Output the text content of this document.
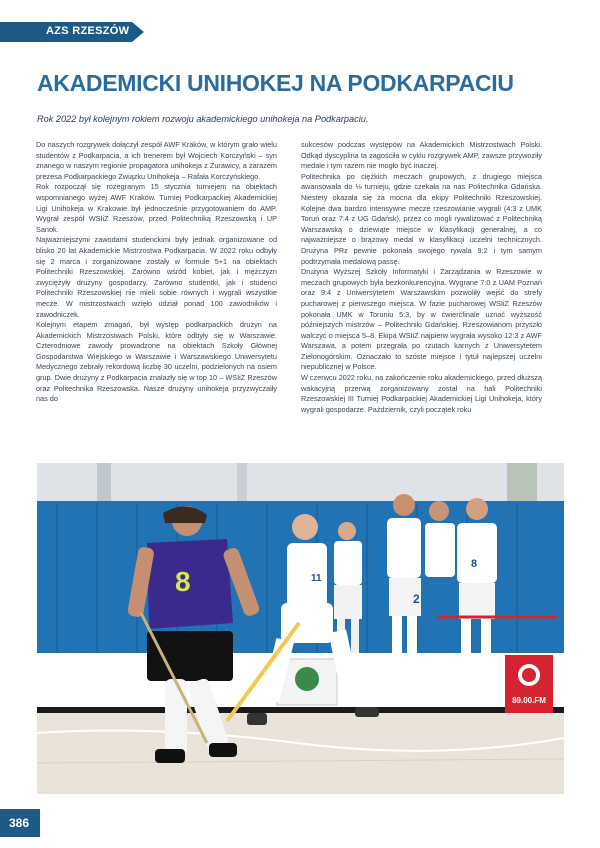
AZS RZESZÓW
AKADEMICKI UNIHOKEJ NA PODKARPACIU

Rok 2022 był kolejnym rokiem rozwoju akademickiego unihokeja na Podkarpaciu.

Do naszych rozgrywek dołączył zespół AWF Kraków, w którym grało wielu studentów z Podkarpacia, a ich trenerem był Wojciech Korczyński – syn znanego w naszym regionie propagatora unihokeja z Żurawicy, a zarazem prezesa Podkarpackiego Związku Unihokeja – Rafała Korczyńskiego.

Rok rozpoczął się rozegranym 15 stycznia turniejem na obiektach wspomnianego wyżej AWF Kraków. Turniej Podkarpackiej Akademickiej Ligi Unihokeja w Krakowie był jednocześnie przygotowaniem do AMP. Wygrał zespół WSIiZ Rzeszów, przed Politechniką Rzeszowską i UP Sanok.

Najważniejszymi zawodami studenckimi były jednak organizowane od blisko 20 lat Akademickie Mistrzostwa Podkarpacia. W 2022 roku odbyły się 2 marca i zorganizowane zostały w formule 5+1 na obiektach Politechniki Rzeszowskiej. Zarówno wśród kobiet, jak i mężczyzn zwyciężyły drużyny gospodarzy. Zarówno studentki, jak i studenci Politechniki Rzeszowskiej nie mieli sobie równych i wygrali wszystkie mecze. W mistrzostwach wzięło udział ponad 100 zawodników i zawodniczek.

Kolejnym etapem zmagań, był występ podkarpackich drużyn na Akademickich Mistrzostwach Polski, które odbyły się w Warszawie. Czterodniowe zawody prowadzone na obiektach Szkoły Głównej Gospodarstwa Wiejskiego w Warszawie i Warszawskiego Uniwersytetu Medycznego zebrały rekordową liczbę 30 uczelni, podzielonych na osiem grup. Dwie drużyny z Podkarpacia znalazły się w top 10 – WSIiZ Rzeszów oraz Politechnika Rzeszowska. Nasze drużyny unihokeja przyzwyczaiły nas do

sukcesów podczas występów na Akademickich Mistrzostwach Polski. Odkąd dyscyplina ta zagościła w cyklu rozgrywek AMP, zawsze przywoziły medale i tym razem nie mogło być inaczej.

Politechnika po ciężkich meczach grupowych, z drugiego miejsca awansowała do ⅛ turnieju, gdzie czekała na nas Politechnika Gdańska. Niestety okazała się za mocna dla ekipy Politechniki Rzeszowskiej. Kolejne dwa bardzo intensywne mecze rzeszowianie wygrali (4:3 z UMK Toruń oraz 7:4 z UG Gdańsk), przez co mogli rywalizować z Politechniką Warszawską o dziewiąte miejsce w klasyfikacji generalnej, a co najważniejsze o brązowy medal w klasyfikacji uczelni technicznych. Drużyna PRz pewnie pokonała swojego rywala 9:2 i tym samym podtrzymała medalową passę.

Drużyna Wyższej Szkoły Informatyki i Zarządzania w Rzeszowie w meczach grupowych była bezkonkurencyjna. Wygrane 7:0 z UAM Poznań oraz 9:4 z Uniwersytetem Warszawskim pozwoliły wejść do strefy pucharowej z pierwszego miejsca. W fazie pucharowej WSIiZ Rzeszów pokonała UMK w Toruniu 5:3, by w ćwierćfinale uznać wyższość późniejszych mistrzów – Politechniki Gdańskiej. Rzeszowianom przyszło walczyć o miejsca 5–8. Ekipa WSIiZ najpierw wygrała wysoko 12:3 z AWF Warszawa, a potem przegrała po rzutach karnych z Uniwersytetem Zielonogórskim. Oznaczało to szóste miejsce i tytuł najlepszej uczelni niepublicznej w Polsce.

W czerwcu 2022 roku, na zakończenie roku akademickiego, przed dłuższą wakacyjną przerwą zorganizowany został na hali Politechniki Rzeszowskiej III Turniej Podkarpackiej Akademickiej Ligi Unihokeja, który wygrali gospodarze. Październik, czyli początek roku

89.00.FM
2
8
11
8
386
